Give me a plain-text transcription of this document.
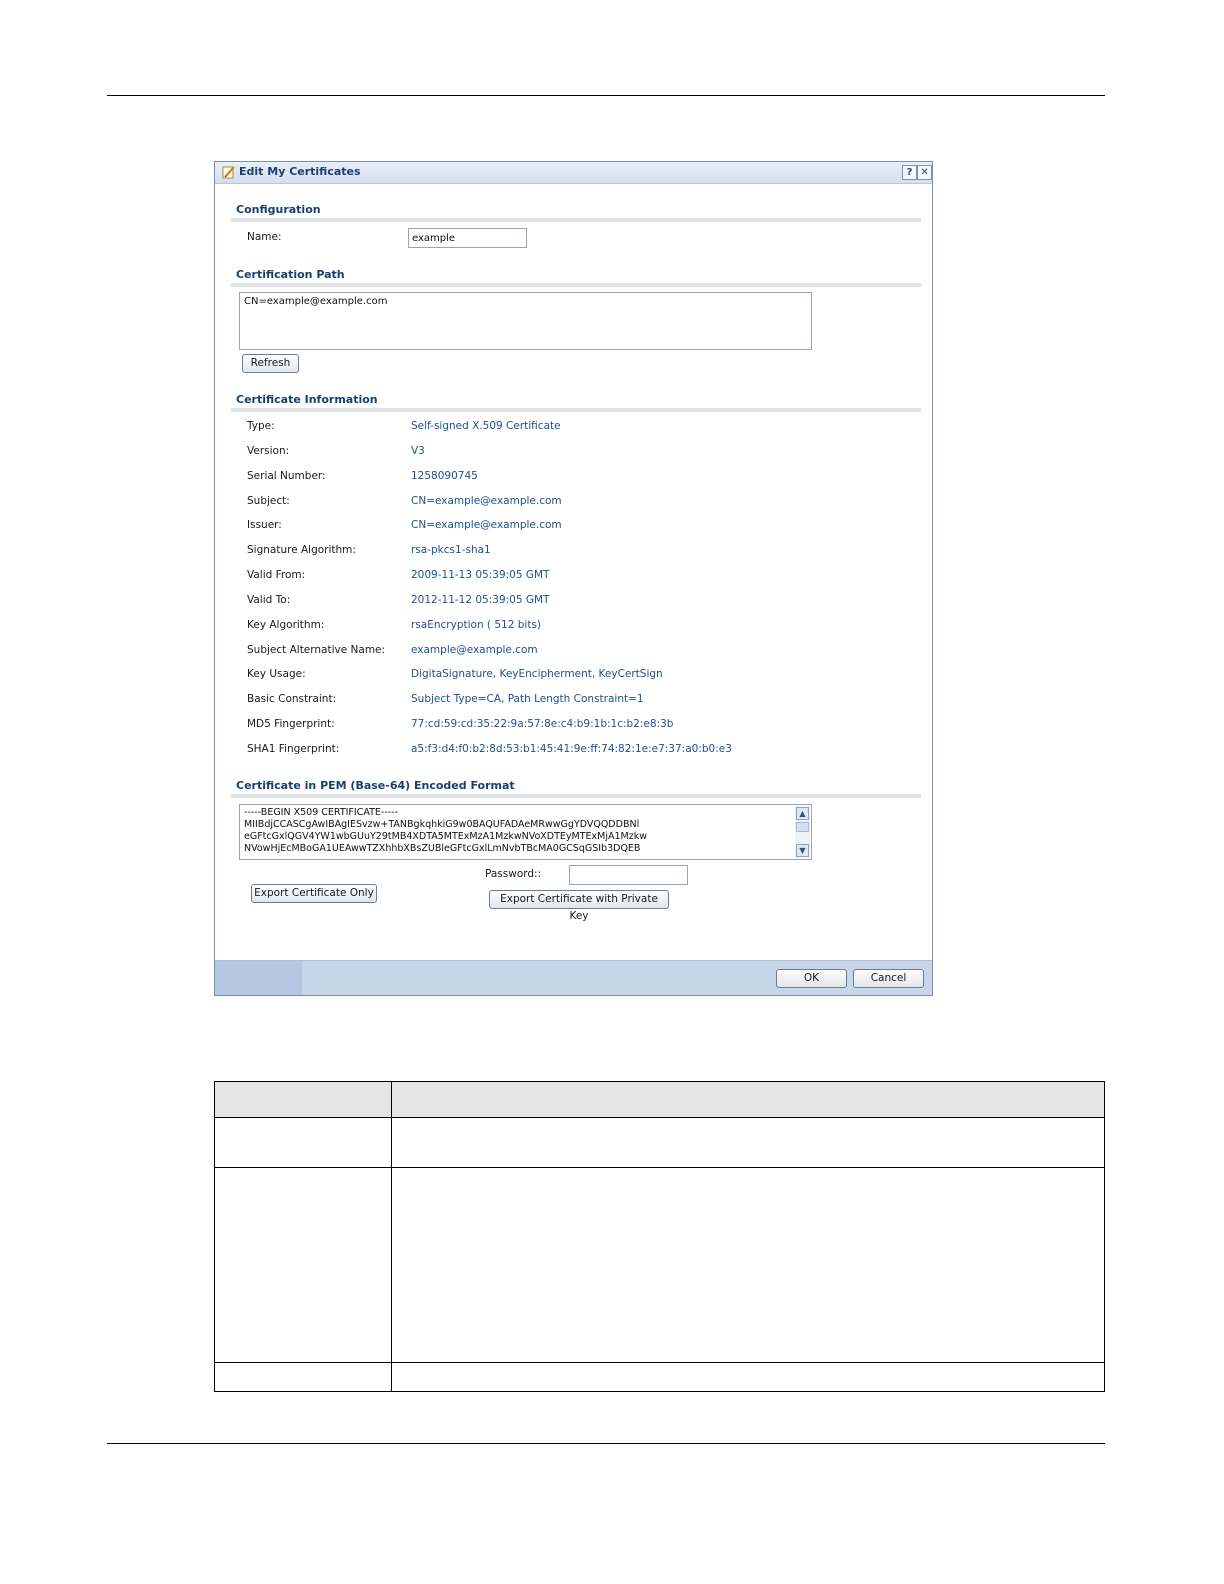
Edit My Certificates	? ✕
Configuration
Name:
example
Certification Path
CN=example@example.com
Refresh
Certificate Information
Type:	Self-signed X.509 Certificate
Version:	V3
Serial Number:	1258090745
Subject:	CN=example@example.com
Issuer:	CN=example@example.com
Signature Algorithm:	rsa-pkcs1-sha1
Valid From:	2009-11-13 05:39:05 GMT
Valid To:	2012-11-12 05:39:05 GMT
Key Algorithm:	rsaEncryption ( 512 bits)
Subject Alternative Name: example@example.com
Key Usage:	DigitaSignature, KeyEncipherment, KeyCertSign
Basic Constraint:	Subject Type=CA, Path Length Constraint=1
MD5 Fingerprint:	77:cd:59:cd:35:22:9a:57:8e:c4:b9:1b:1c:b2:e8:3b
SHA1 Fingerprint:	a5:f3:d4:f0:b2:8d:53:b1:45:41:9e:ff:74:82:1e:e7:37:a0:b0:e3
Certificate in PEM (Base-64) Encoded Format
-----BEGIN X509 CERTIFICATE-----
MIIBdjCCASCgAwIBAgIESvzw+TANBgkqhkiG9w0BAQUFADAeMRwwGgYDVQQDDBNl
eGFtcGxlQGV4YW1wbGUuY29tMB4XDTA5MTExMzA1MzkwNVoXDTEyMTExMjA1Mzkw
NVowHjEcMBoGA1UEAwwTZXhhbXBsZUBleGFtcGxlLmNvbTBcMA0GCSqGSIb3DQEB
▲
▼
Export Certificate Only
Password::
Export Certificate with Private Key
OK	Cancel
